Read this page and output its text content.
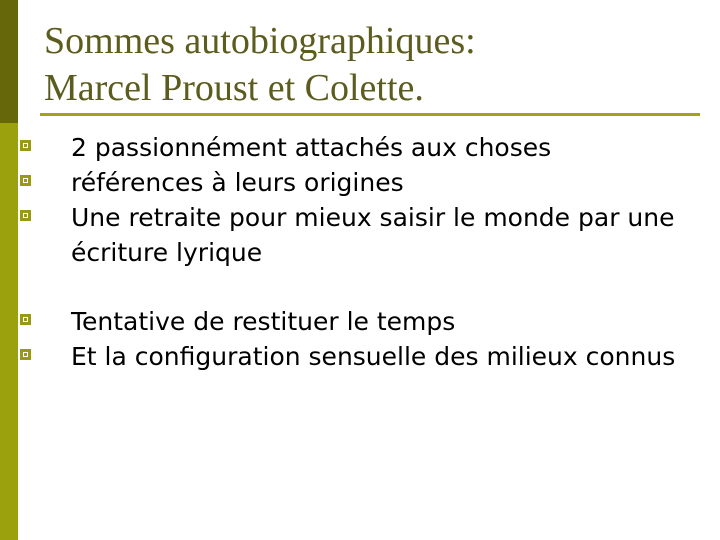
Sommes autobiographiques:
Marcel Proust et Colette.
2 passionnément attachés aux choses
références à leurs origines
Une retraite pour mieux saisir le monde par une écriture lyrique
Tentative de restituer le temps
Et la configuration sensuelle des milieux connus
